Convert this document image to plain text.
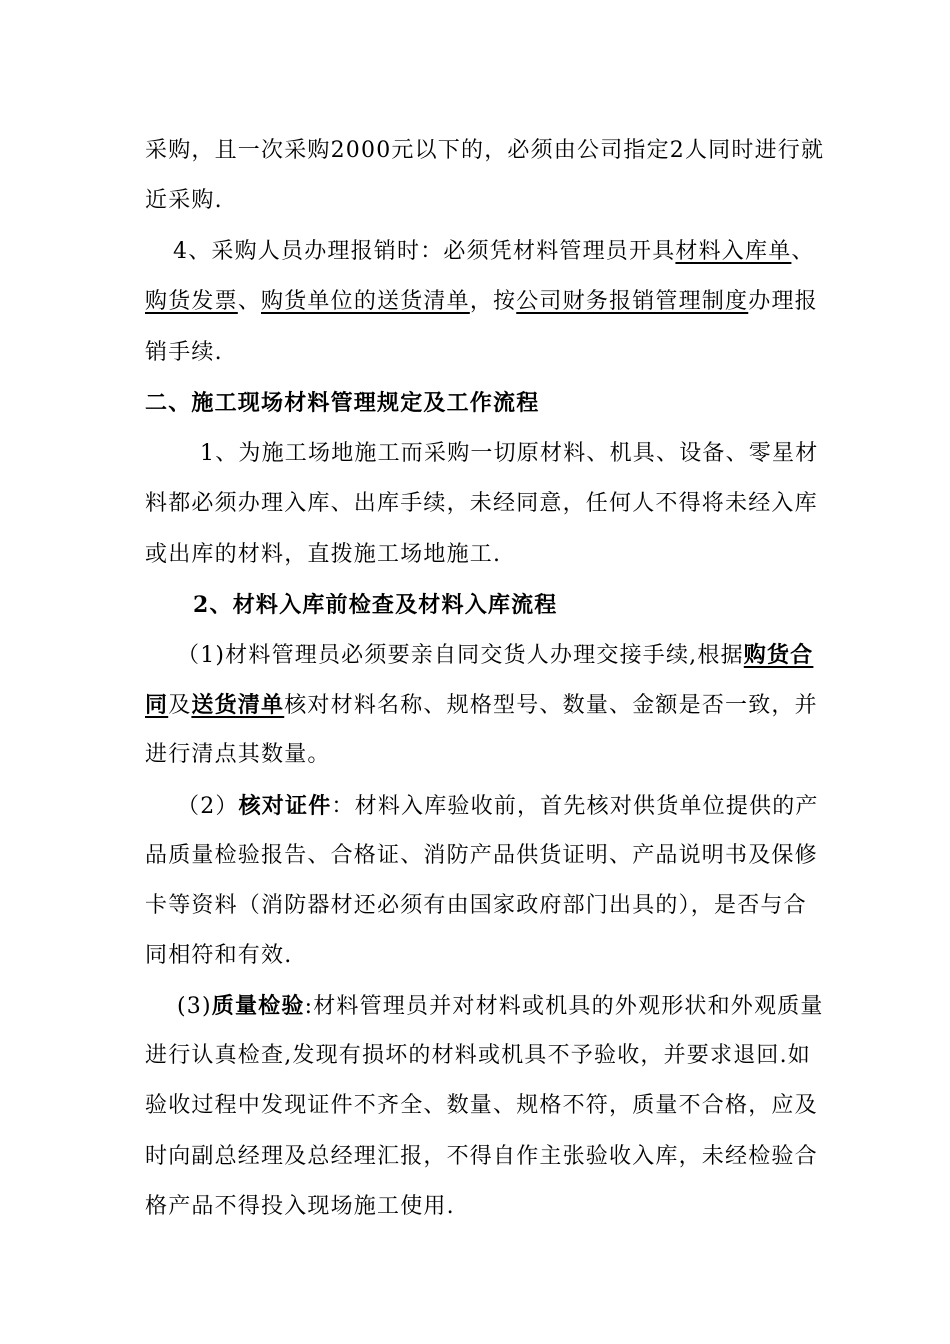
采购，且一次采购2000元以下的，必须由公司指定2人同时进行就
近采购.
4、采购人员办理报销时：必须凭材料管理员开具材料入库单、
购货发票、购货单位的送货清单，按公司财务报销管理制度办理报
销手续.
二、施工现场材料管理规定及工作流程
1、为施工场地施工而采购一切原材料、机具、设备、零星材
料都必须办理入库、出库手续，未经同意，任何人不得将未经入库
或出库的材料，直拨施工场地施工.
2、材料入库前检查及材料入库流程
（1)材料管理员必须要亲自同交货人办理交接手续,根据购货合
同及送货清单核对材料名称、规格型号、数量、金额是否一致，并
进行清点其数量。
（2）核对证件：材料入库验收前，首先核对供货单位提供的产
品质量检验报告、合格证、消防产品供货证明、产品说明书及保修
卡等资料（消防器材还必须有由国家政府部门出具的），是否与合
同相符和有效.
(3)质量检验:材料管理员并对材料或机具的外观形状和外观质量
进行认真检查,发现有损坏的材料或机具不予验收，并要求退回.如
验收过程中发现证件不齐全、数量、规格不符，质量不合格，应及
时向副总经理及总经理汇报，不得自作主张验收入库，未经检验合
格产品不得投入现场施工使用.
